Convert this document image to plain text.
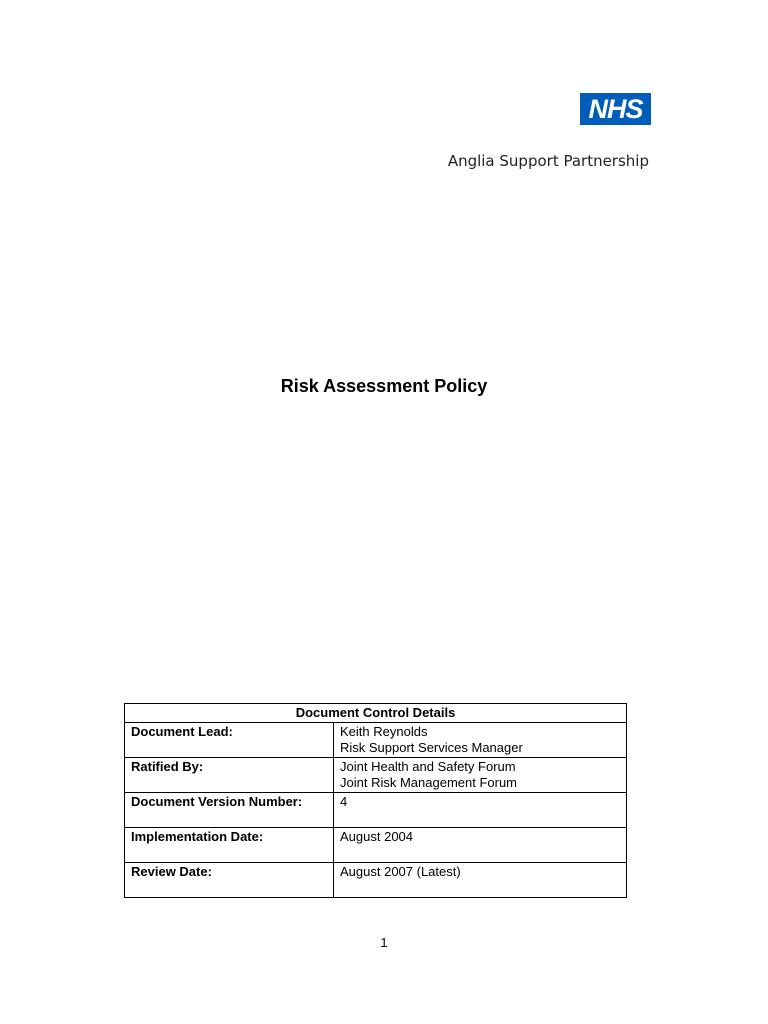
NHS
Anglia Support Partnership
Risk Assessment Policy
Document Control Details	
Document Lead:	Keith Reynolds
Risk Support Services Manager

Ratified By:	Joint Health and Safety Forum
Joint Risk Management Forum

Document Version Number:	4

Implementation Date:	August 2004

Review Date:	August 2007 (Latest)
1
